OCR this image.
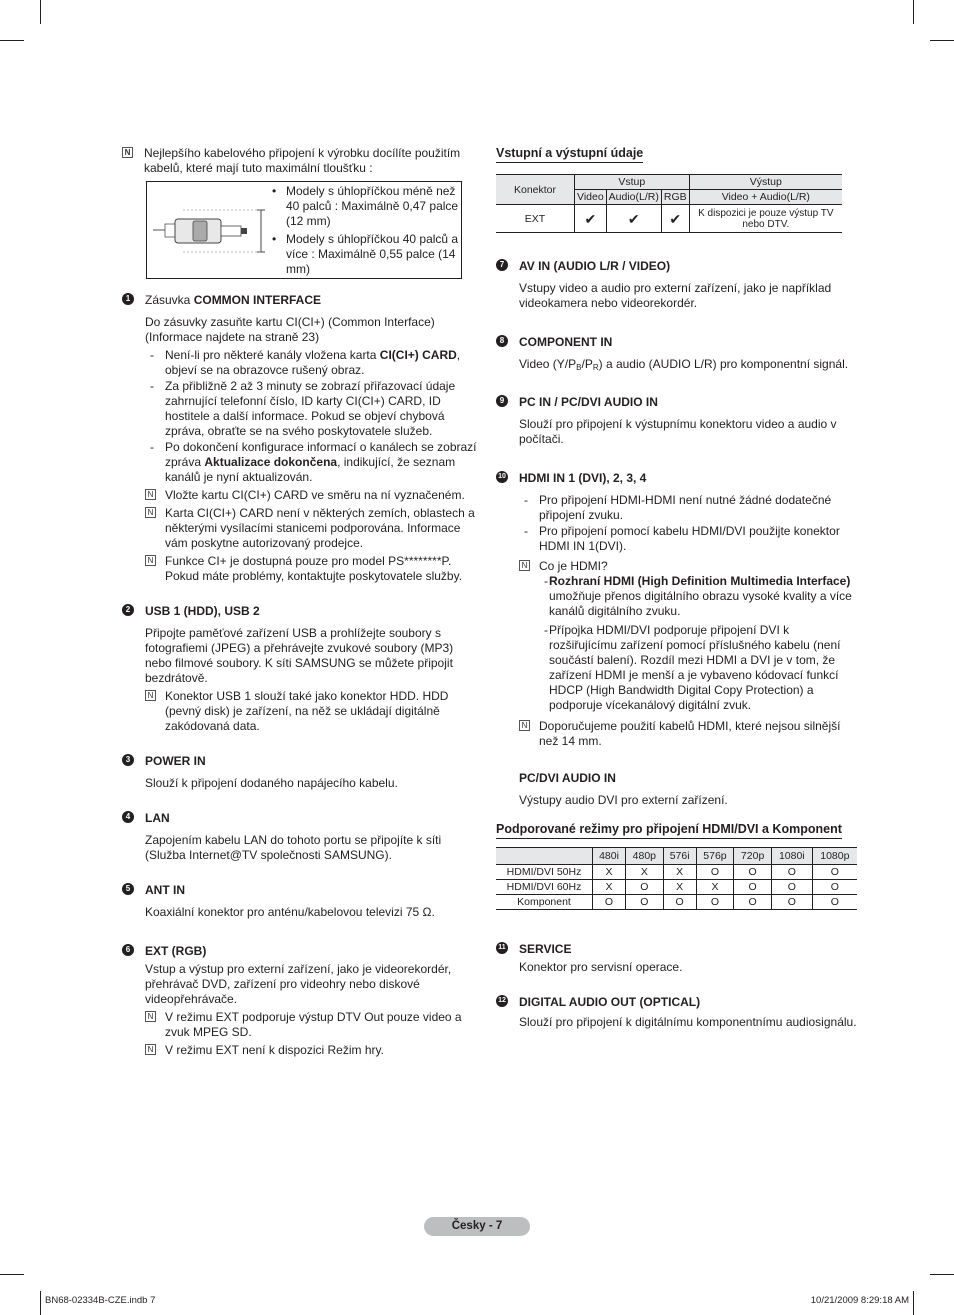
N Nejlepšího kabelového připojení k výrobku docílíte použitím kabelů, které mají tuto maximální tloušťku :

• Modely s úhlopříčkou méně než 40 palců : Maximálně 0,47 palce (12 mm)
• Modely s úhlopříčkou 40 palců a více : Maximálně 0,55 palce (14 mm)
1	Zásuvka COMMON INTERFACE

Do zásuvky zasuňte kartu CI(CI+) (Common Interface) (Informace najdete na straně 23)

- Není-li pro některé kanály vložena karta CI(CI+) CARD, objeví se na obrazovce rušený obraz.
- Za přibližně 2 až 3 minuty se zobrazí přiřazovací údaje zahrnující telefonní číslo, ID karty CI(CI+) CARD, ID hostitele a další informace. Pokud se objeví chybová zpráva, obraťte se na svého poskytovatele služeb.
- Po dokončení konfigurace informací o kanálech se zobrazí zpráva Aktualizace dokončena, indikující, že seznam kanálů je nyní aktualizován.
N Vložte kartu CI(CI+) CARD ve směru na ní vyznačeném.
N Karta CI(CI+) CARD není v některých zemích, oblastech a některými vysílacími stanicemi podporována. Informace vám poskytne autorizovaný prodejce.
N Funkce CI+ je dostupná pouze pro model PS********P. Pokud máte problémy, kontaktujte poskytovatele služby.
2	USB 1 (HDD), USB 2

Připojte paměťové zařízení USB a prohlížejte soubory s fotografiemi (JPEG) a přehrávejte zvukové soubory (MP3) nebo filmové soubory. K síti SAMSUNG se můžete připojit bezdrátově.

N Konektor USB 1 slouží také jako konektor HDD. HDD (pevný disk) je zařízení, na něž se ukládají digitálně zakódovaná data.
3	POWER IN

Slouží k připojení dodaného napájecího kabelu.

4	LAN

Zapojením kabelu LAN do tohoto portu se připojíte k síti (Služba Internet@TV společnosti SAMSUNG).

5	ANT IN

Koaxiální konektor pro anténu/kabelovou televizi 75 Ω.

6	EXT (RGB)

Vstup a výstup pro externí zařízení, jako je videorekordér, přehrávač DVD, zařízení pro videohry nebo diskové videopřehrávače.

N V režimu EXT podporuje výstup DTV Out pouze video a zvuk MPEG SD.
N V režimu EXT není k dispozici Režim hry.
Vstupní a výstupní údaje
Konektor	Vstup			Výstup
	Video	Audio(L/R)	RGB	Video + Audio(L/R)
EXT	✔	✔	✔	K dispozici je pouze výstup TV nebo DTV.
7	AV IN (AUDIO L/R / VIDEO)

Vstupy video a audio pro externí zařízení, jako je například videokamera nebo videorekordér.

8	COMPONENT IN

Video $(Y/P_B/P_R)$ a audio (AUDIO L/R) pro komponentní signál.

9	PC IN / PC/DVI AUDIO IN

Slouží pro připojení k výstupnímu konektoru video a audio v počítači.

10 HDMI IN 1 (DVI), 2, 3, 4

- Pro připojení HDMI-HDMI není nutné žádné dodatečné připojení zvuku.
- Pro připojení pomocí kabelu HDMI/DVI použijte konektor HDMI IN 1(DVI).
N Co je HDMI?
- Rozhraní HDMI (High Definition Multimedia Interface) umožňuje přenos digitálního obrazu vysoké kvality a více kanálů digitálního zvuku.
- Přípojka HDMI/DVI podporuje připojení DVI k rozšiřujícímu zařízení pomocí příslušného kabelu (není součástí balení). Rozdíl mezi HDMI a DVI je v tom, že zařízení HDMI je menší a je vybaveno kódovací funkcí HDCP (High Bandwidth Digital Copy Protection) a podporuje vícekanálový digitální zvuk.
N Doporučujeme použití kabelů HDMI, které nejsou silnější než 14 mm.

PC/DVI AUDIO IN

Výstupy audio DVI pro externí zařízení.

Podporované režimy pro připojení HDMI/DVI a Komponent
	480i	480p	576i	576p	720p	1080i	1080p
HDMI/DVI 50Hz	X	X	X	O	O	O	O
HDMI/DVI 60Hz	X	O	X	X	O	O	O
Komponent	O	O	O	O	O	O	O
11 SERVICE

Konektor pro servisní operace.

12 DIGITAL AUDIO OUT (OPTICAL)

Slouží pro připojení k digitálnímu komponentnímu audiosignálu.

Česky - 7
BN68-02334B-CZE.indb 7	10/21/2009 8:29:18 AM
